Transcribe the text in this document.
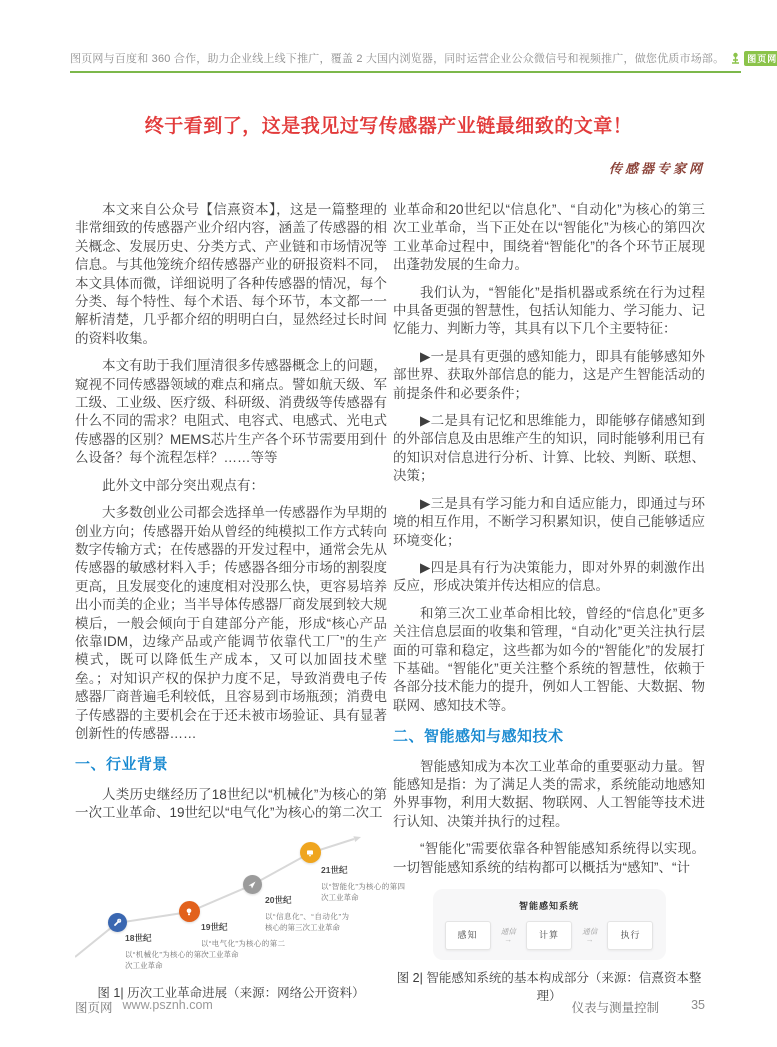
图页网与百度和 360 合作，助力企业线上线下推广，覆盖 2 大国内浏览器，同时运营企业公众微信号和视频推广，做您优质市场部。	图页网
终于看到了，这是我见过写传感器产业链最细致的文章！
传感器专家网

本文来自公众号【信熹资本】，这是一篇整理的非常细致的传感器产业介绍内容，涵盖了传感器的相关概念、发展历史、分类方式、产业链和市场情况等信息。与其他笼统介绍传感器产业的研报资料不同，本文具体而微，详细说明了各种传感器的情况，每个分类、每个特性、每个术语、每个环节，本文都一一解析清楚，几乎都介绍的明明白白，显然经过长时间的资料收集。

本文有助于我们厘清很多传感器概念上的问题，窥视不同传感器领域的难点和痛点。譬如航天级、军工级、工业级、医疗级、科研级、消费级等传感器有什么不同的需求？电阻式、电容式、电感式、光电式传感器的区别？MEMS芯片生产各个环节需要用到什么设备？每个流程怎样？……等等

此外文中部分突出观点有：

大多数创业公司都会选择单一传感器作为早期的创业方向；传感器开始从曾经的纯模拟工作方式转向数字传输方式；在传感器的开发过程中，通常会先从传感器的敏感材料入手；传感器各细分市场的割裂度更高，且发展变化的速度相对没那么快，更容易培养出小而美的企业；当半导体传感器厂商发展到较大规模后，一般会倾向于自建部分产能，形成“核心产品依靠IDM，边缘产品或产能调节依靠代工厂”的生产模式，既可以降低生产成本，又可以加固技术壁垒。；对知识产权的保护力度不足，导致消费电子传感器厂商普遍毛利较低，且容易到市场瓶颈；消费电子传感器的主要机会在于还未被市场验证、具有显著创新性的传感器……

一、行业背景

人类历史继经历了18世纪以“机械化”为核心的第一次工业革命、19世纪以“电气化”为核心的第二次工

18世纪
以“机械化”为核心的第一次工业革命
19世纪
以“电气化”为核心的第二次工业革命
20世纪
以“信息化”、“自动化”为核心的第三次工业革命
21世纪
以“智能化”为核心的第四次工业革命
图 1| 历次工业革命进展（来源：网络公开资料）

业革命和20世纪以“信息化”、“自动化”为核心的第三次工业革命，当下正处在以“智能化”为核心的第四次工业革命过程中，围绕着“智能化”的各个环节正展现出蓬勃发展的生命力。

我们认为，“智能化”是指机器或系统在行为过程中具备更强的智慧性，包括认知能力、学习能力、记忆能力、判断力等，其具有以下几个主要特征：

▶一是具有更强的感知能力，即具有能够感知外部世界、获取外部信息的能力，这是产生智能活动的前提条件和必要条件；

▶二是具有记忆和思维能力，即能够存储感知到的外部信息及由思维产生的知识，同时能够利用已有的知识对信息进行分析、计算、比较、判断、联想、决策；

▶三是具有学习能力和自适应能力，即通过与环境的相互作用，不断学习积累知识，使自己能够适应环境变化；

▶四是具有行为决策能力，即对外界的刺激作出反应，形成决策并传达相应的信息。

和第三次工业革命相比较，曾经的“信息化”更多关注信息层面的收集和管理，“自动化”更关注执行层面的可靠和稳定，这些都为如今的“智能化”的发展打下基础。“智能化”更关注整个系统的智慧性，依赖于各部分技术能力的提升，例如人工智能、大数据、物联网、感知技术等。

二、智能感知与感知技术

智能感知成为本次工业革命的重要驱动力量。智能感知是指：为了满足人类的需求，系统能动地感知外界事物，利用大数据、物联网、人工智能等技术进行认知、决策并执行的过程。

“智能化”需要依靠各种智能感知系统得以实现。一切智能感知系统的结构都可以概括为“感知”、“计

智能感知系统
感知	通信
→	计算	通信
→	执行
图 2| 智能感知系统的基本构成部分（来源：信熹资本整理）
图页网 www.psznh.com	仪表与测量控制	35
